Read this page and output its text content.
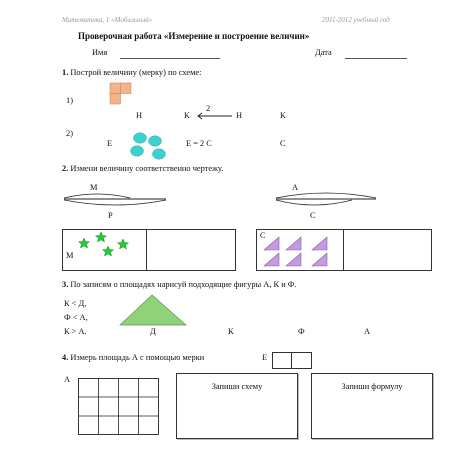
Математика, 1 «Мобильный»	2011-2012 учебный год
Проверочная работа «Измерение и построение величин»
Имя	Дата
1. Построй величину (мерку) по схеме:
1)
Н	К
2
Н	К
2)
Е	Е = 2 С	С
2. Измени величину соответственно чертежу.
М
Р
А
С
М
С
3. По записям о площадях нарисуй подходящие фигуры А, К и Ф.
К < Д,
Ф < А,
К > А.	Д	К	Ф	А
4. Измерь площадь А с помощью мерки	Е
А
Запиши схему	Запиши формулу
